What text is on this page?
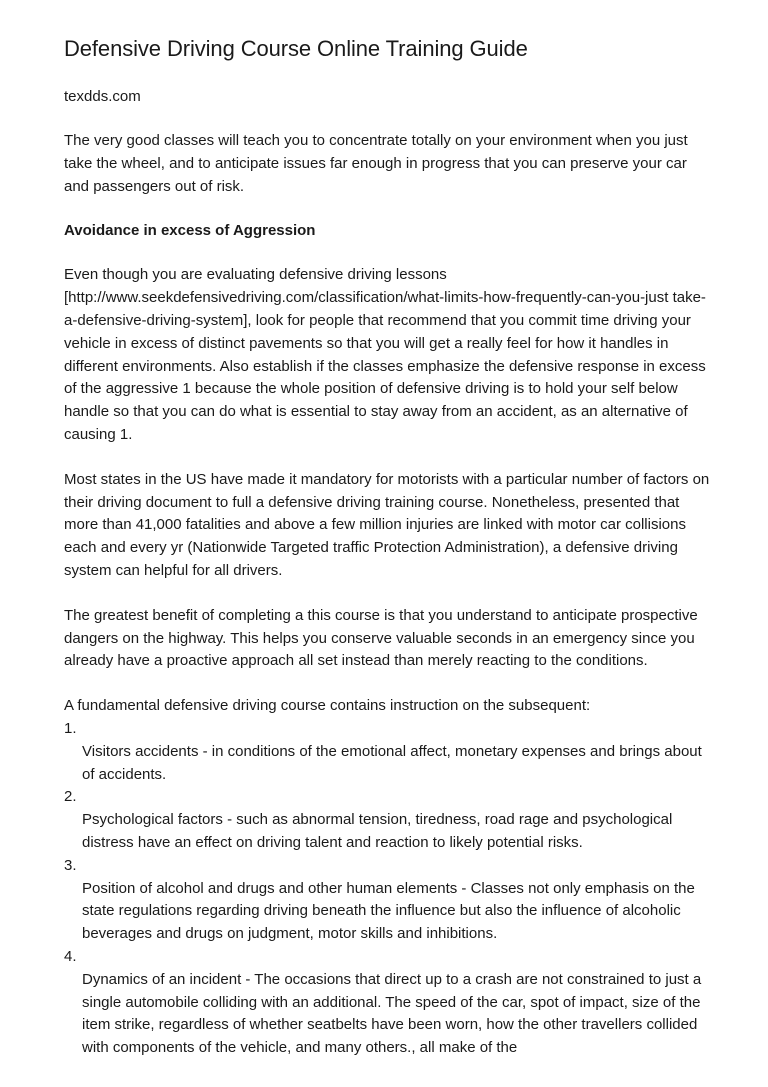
Defensive Driving Course Online Training Guide

texdds.com

The very good classes will teach you to concentrate totally on your environment when you just take the wheel, and to anticipate issues far enough in progress that you can preserve your car and passengers out of risk.

Avoidance in excess of Aggression

Even though you are evaluating defensive driving lessons [http://www.seekdefensivedriving.com/classification/what-limits-how-frequently-can-you-just take-a-defensive-driving-system], look for people that recommend that you commit time driving your vehicle in excess of distinct pavements so that you will get a really feel for how it handles in different environments. Also establish if the classes emphasize the defensive response in excess of the aggressive 1 because the whole position of defensive driving is to hold your self below handle so that you can do what is essential to stay away from an accident, as an alternative of causing 1.

Most states in the US have made it mandatory for motorists with a particular number of factors on their driving document to full a defensive driving training course. Nonetheless, presented that more than 41,000 fatalities and above a few million injuries are linked with motor car collisions each and every yr (Nationwide Targeted traffic Protection Administration), a defensive driving system can helpful for all drivers.

The greatest benefit of completing a this course is that you understand to anticipate prospective dangers on the highway. This helps you conserve valuable seconds in an emergency since you already have a proactive approach all set instead than merely reacting to the conditions.

A fundamental defensive driving course contains instruction on the subsequent:

1.
Visitors accidents - in conditions of the emotional affect, monetary expenses and brings about of accidents.
2.
Psychological factors - such as abnormal tension, tiredness, road rage and psychological distress have an effect on driving talent and reaction to likely potential risks.
3.
Position of alcohol and drugs and other human elements - Classes not only emphasis on the state regulations regarding driving beneath the influence but also the influence of alcoholic beverages and drugs on judgment, motor skills and inhibitions.
4.
Dynamics of an incident - The occasions that direct up to a crash are not constrained to just a single automobile colliding with an additional. The speed of the car, spot of impact, size of the item strike, regardless of whether seatbelts have been worn, how the other travellers collided with components of the vehicle, and many others., all make of the
